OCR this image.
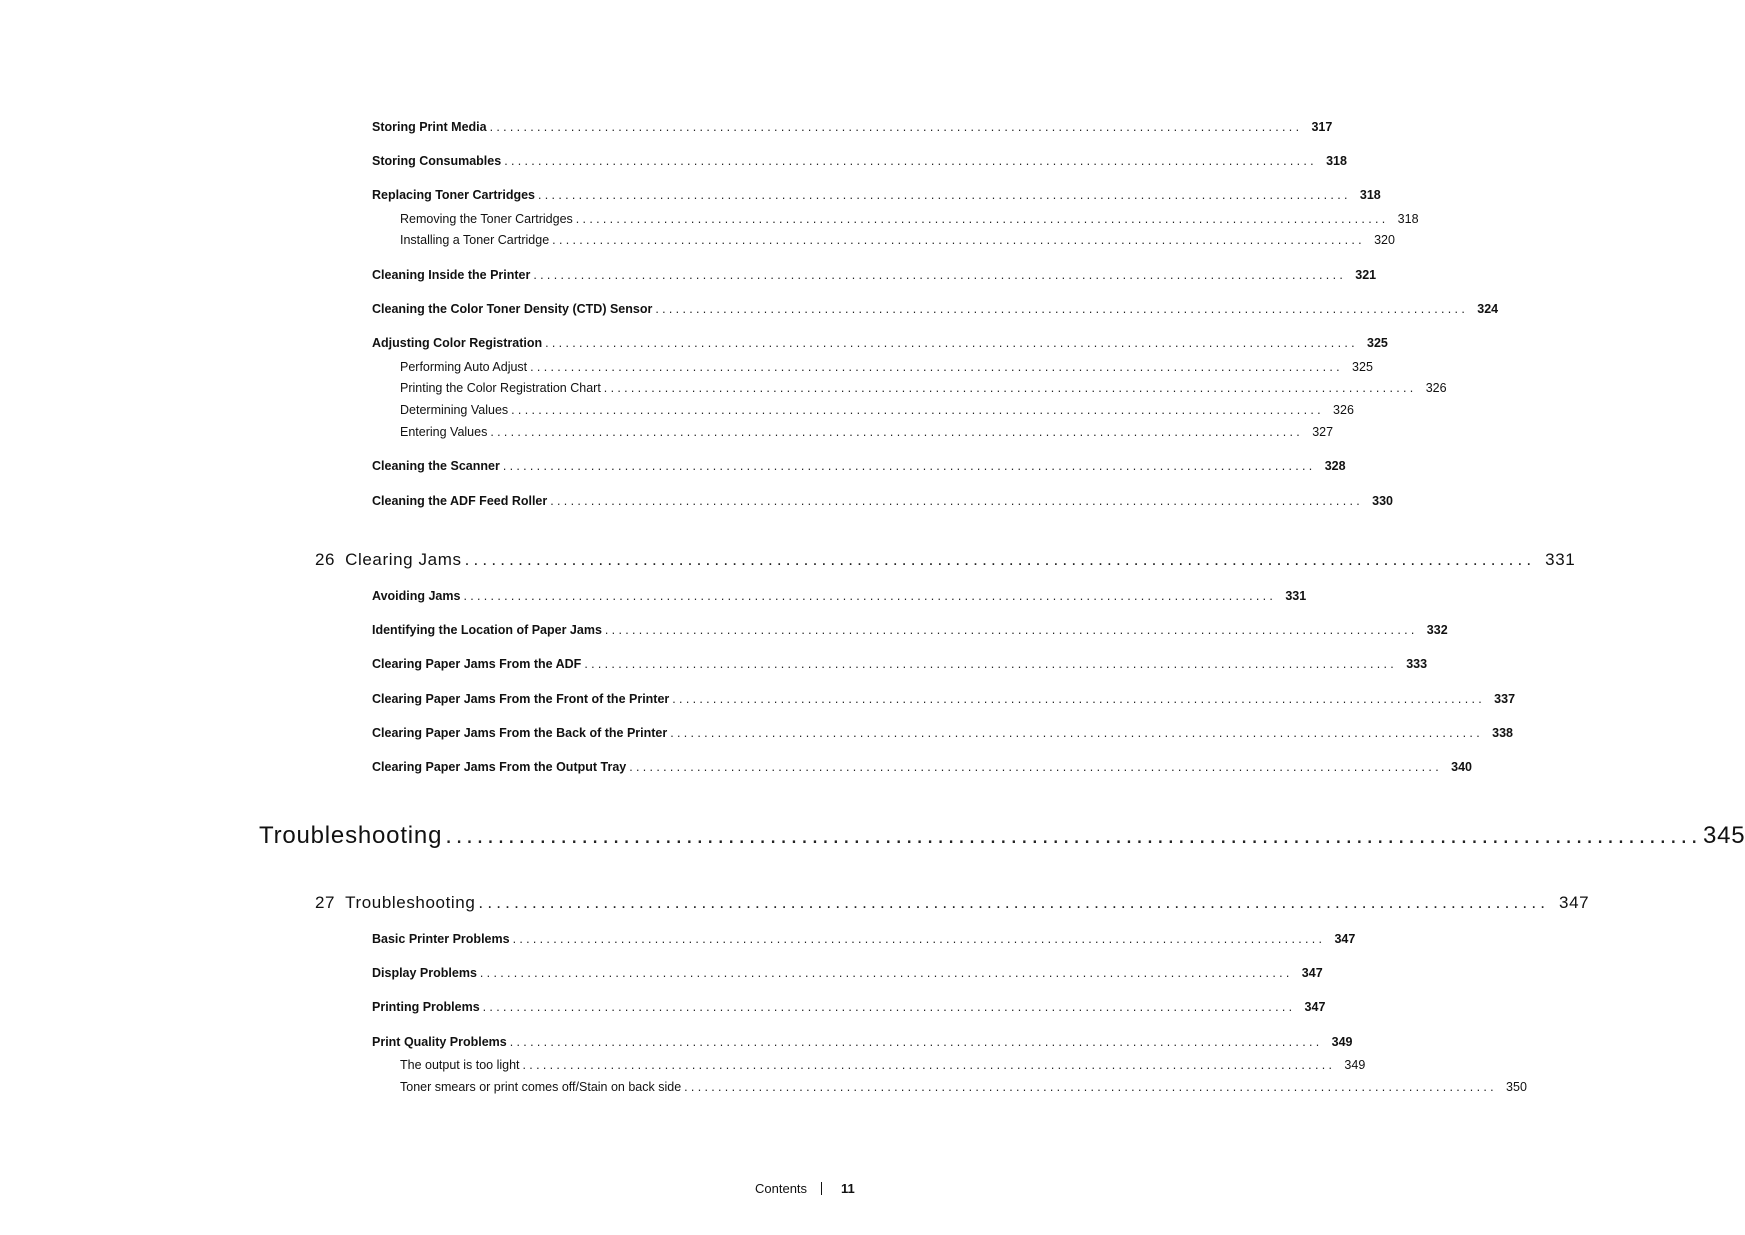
Storing Print Media ........................................................................................................................ 317
Storing Consumables ........................................................................................................................ 318
Replacing Toner Cartridges ........................................................................................................................ 318
Removing the Toner Cartridges ........................................................................................................................ 318
Installing a Toner Cartridge ........................................................................................................................ 320
Cleaning Inside the Printer ........................................................................................................................ 321
Cleaning the Color Toner Density (CTD) Sensor ........................................................................................................................ 324
Adjusting Color Registration ........................................................................................................................ 325
Performing Auto Adjust ........................................................................................................................ 325
Printing the Color Registration Chart ........................................................................................................................ 326
Determining Values ........................................................................................................................ 326
Entering Values ........................................................................................................................ 327
Cleaning the Scanner ........................................................................................................................ 328
Cleaning the ADF Feed Roller ........................................................................................................................ 330
26 Clearing Jams ........................................................................................................................ 331
Avoiding Jams ........................................................................................................................ 331
Identifying the Location of Paper Jams ........................................................................................................................ 332
Clearing Paper Jams From the ADF ........................................................................................................................ 333
Clearing Paper Jams From the Front of the Printer ........................................................................................................................ 337
Clearing Paper Jams From the Back of the Printer ........................................................................................................................ 338
Clearing Paper Jams From the Output Tray ........................................................................................................................ 340
Troubleshooting ........................................................................................................................ 345
27 Troubleshooting ........................................................................................................................ 347
Basic Printer Problems ........................................................................................................................ 347
Display Problems ........................................................................................................................ 347
Printing Problems ........................................................................................................................ 347
Print Quality Problems ........................................................................................................................ 349
The output is too light ........................................................................................................................ 349
Toner smears or print comes off/Stain on back side ........................................................................................................................ 350
Contents	11
